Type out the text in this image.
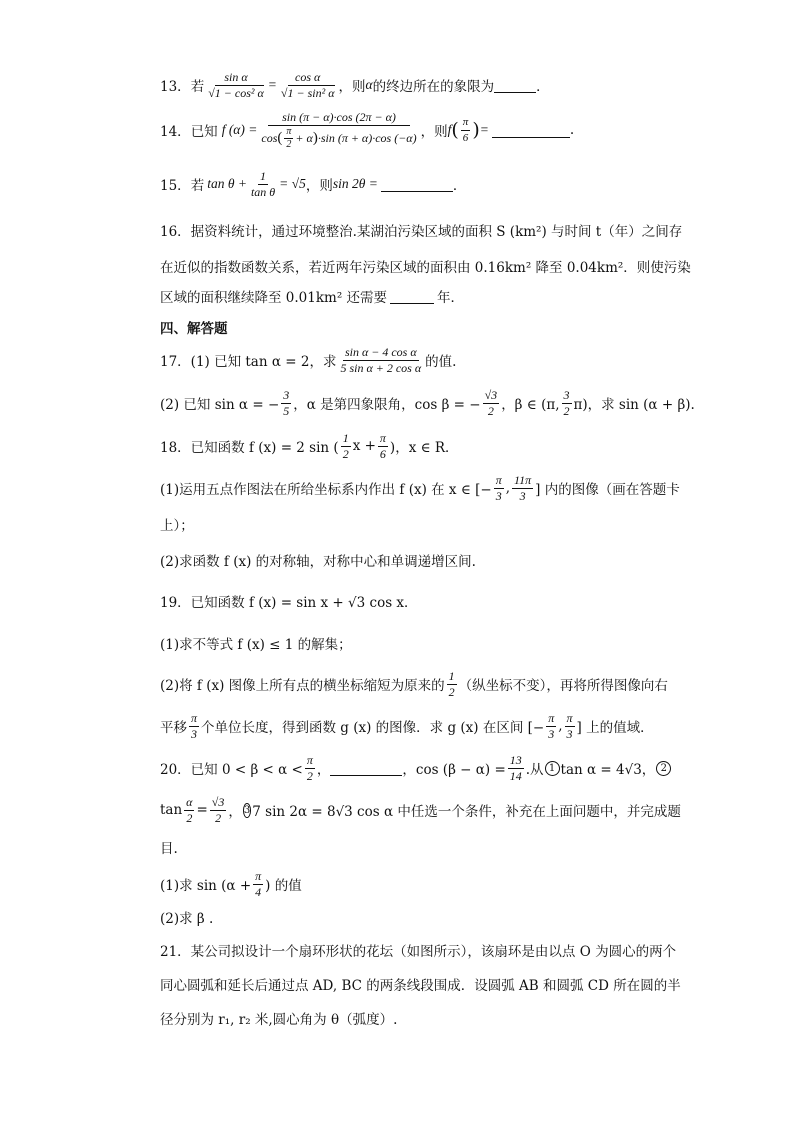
13． 若 $\frac{\text{sin α}}{\text{√1 − cos² α}} = \frac{\text{cos α}}{\text{√1 − sin² α}}$ ，则 α 的终边所在的象限为	．
14． 已知 f (α) =
sin (π − α)·cos (2π − α)
cos ( $\frac{\pi}{2} + \alpha$ ) ·sin (π + α)·cos (−α) ，则 f ( $\frac{\pi}{6}$ ) =	.
15． 若 $\tan \theta + \frac{1}{\text{tan θ}} = √5$ ，则 sin 2θ =	．
16．据资料统计，通过环境整治.某湖泊污染区域的面积 S (km²) 与时间 t（年）之间存
在近似的指数函数关系，若近两年污染区域的面积由 0.16km² 降至 0.04km²．则使污染
区域的面积继续降至 0.01km² 还需要	年．
四、解答题
17．(1) 已知 tan α = 2，求 $\frac{\text{sin α − 4 cos α}}{\text{5 sin α + 2 cos α}}$ 的值.
(2) 已知 sin α = − $\frac{3}{5}$ ，α 是第四象限角，cos β = − $\frac{√3}{2}$ ，β ∈ (π, $\frac{3}{2} \pi$)，求 sin (α + β).
18．已知函数 f (x) = 2 sin ( $\frac{1}{2}$ $x + \frac{\pi}{6}$ )，x ∈ R．
(1)运用五点作图法在所给坐标系内作出 f (x) 在 x ∈ [− $\frac{\pi}{3}$ , $\frac{11\pi}{3}$ ] 内的图像（画在答题卡
上）；
(2)求函数 f (x) 的对称轴，对称中心和单调递增区间.
19．已知函数 f (x) = sin x + √3 cos x．
(1)求不等式 f (x) ≤ 1 的解集；
(2)将 f (x) 图像上所有点的横坐标缩短为原来的 $\frac{1}{2}$ （纵坐标不变），再将所得图像向右
平移 $\frac{\pi}{3}$ 个单位长度，得到函数 g (x) 的图像．求 g (x) 在区间 [− $\frac{\pi}{3}$ , $\frac{\pi}{3}$ ] 上的值域．
20．已知 $0 < \beta < \alpha < \frac{\pi}{2}$ ，	，$\cos (\beta - \alpha) = \frac{13}{14}$ .从 1 tan α = 4√3， 2
$\tan \frac{\alpha}{2} = \frac{√3}{2}$ ， 3 7 sin 2α = 8√3 cos α 中任选一个条件，补充在上面问题中，并完成题
目.
(1)求 $\sin (\alpha + \frac{\pi}{4}$ ) 的值
(2)求 β .
21．某公司拟设计一个扇环形状的花坛（如图所示），该扇环是由以点 O 为圆心的两个
同心圆弧和延长后通过点 AD, BC 的两条线段围成．设圆弧 AB 和圆弧 CD 所在圆的半
径分别为 r₁, r₂ 米,圆心角为 θ（弧度）.
